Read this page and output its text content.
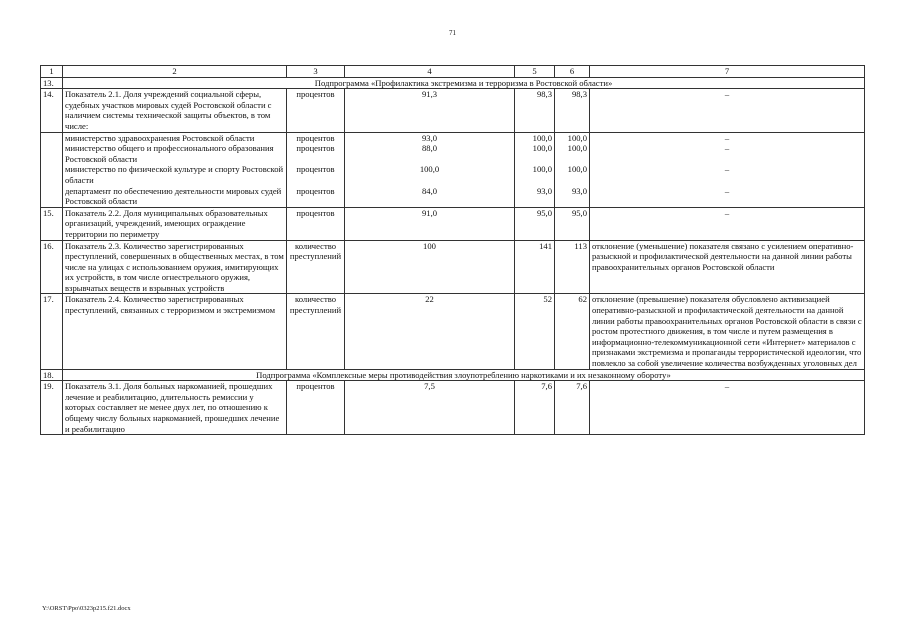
71
1	2	3	4	5	6	7
13.	Подпрограмма «Профилактика экстремизма и терроризма в Ростовской области»					
14.	Показатель 2.1. Доля учреждений социальной сферы, судебных участков мировых судей Ростовской области с наличием системы технической защиты объектов, в том числе:	процентов	91,3	98,3	98,3	–
	министерство здравоохранения Ростовской области	процентов	93,0	100,0	100,0	–
	министерство общего и профессионального образования Ростовской области	процентов	88,0	100,0	100,0	–
	министерство по физической культуре и спорту Ростовской области	процентов	100,0	100,0	100,0	–
	департамент по обеспечению деятельности мировых судей Ростовской области	процентов	84,0	93,0	93,0	–
15.	Показатель 2.2. Доля муниципальных образовательных организаций, учреждений, имеющих ограждение территории по периметру	процентов	91,0	95,0	95,0	–
16.	Показатель 2.3. Количество зарегистрированных преступлений, совершенных в общественных местах, в том числе на улицах с использованием оружия, имитирующих их устройств, в том числе огнестрельного оружия, взрывчатых веществ и взрывных устройств	количество преступлений	100	141	113	отклонение (уменьшение) показателя связано с усилением оперативно-разыскной и профилактической деятельности на данной линии работы правоохранительных органов Ростовской области
17.	Показатель 2.4. Количество зарегистрированных преступлений, связанных с терроризмом и экстремизмом	количество преступлений	22	52	62	отклонение (превышение) показателя обусловлено активизацией оперативно-разыскной и профилактической деятельности на данной линии работы правоохранительных органов Ростовской области в связи с ростом протестного движения, в том числе и путем размещения в информационно-телекоммуникационной сети «Интернет» материалов с признаками экстремизма и пропаганды террористической идеологии, что повлекло за собой увеличение количества возбужденных уголовных дел
18.	Подпрограмма «Комплексные меры противодействия злоупотреблению наркотиками и их незаконному обороту»					
19.	Показатель 3.1. Доля больных наркоманией, прошедших лечение и реабилитацию, длительность ремиссии у которых составляет не менее двух лет, по отношению к общему числу больных наркоманией, прошедших лечение и реабилитацию	процентов	7,5	7,6	7,6	–
Y:\ORST\Ppo\0323p215.f21.docx
